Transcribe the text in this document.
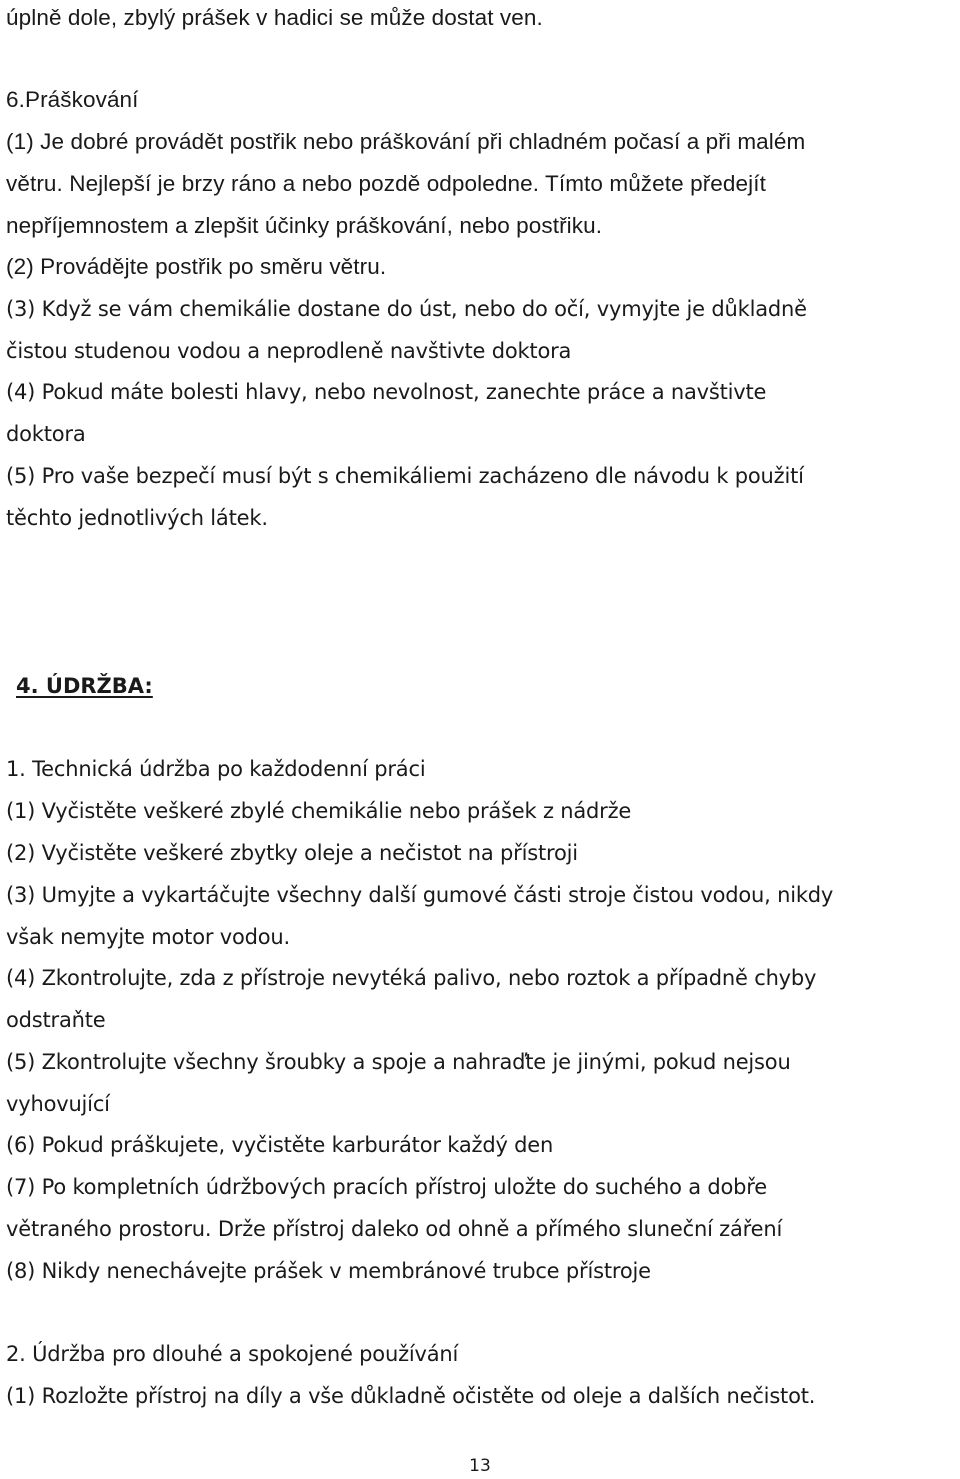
úplně dole, zbylý prášek v hadici se může dostat ven.
6.Práškování
(1) Je dobré provádět postřik nebo práškování při chladném počasí a při malém
větru. Nejlepší je brzy ráno a nebo pozdě odpoledne. Tímto můžete předejít
nepříjemnostem a zlepšit účinky práškování, nebo postřiku.
(2) Provádějte postřik po směru větru.
(3) Když se vám chemikálie dostane do úst, nebo do očí, vymyjte je důkladně
čistou studenou vodou a neprodleně navštivte doktora
(4) Pokud máte bolesti hlavy, nebo nevolnost, zanechte práce a navštivte
doktora
(5) Pro vaše bezpečí musí být s chemikáliemi zacházeno dle návodu k použití
těchto jednotlivých látek.
4. ÚDRŽBA:
1. Technická údržba po každodenní práci
(1) Vyčistěte veškeré zbylé chemikálie nebo prášek z nádrže
(2) Vyčistěte veškeré zbytky oleje a nečistot na přístroji
(3) Umyjte a vykartáčujte všechny další gumové části stroje čistou vodou, nikdy
však nemyjte motor vodou.
(4) Zkontrolujte, zda z přístroje nevytéká palivo, nebo roztok a případně chyby
odstraňte
(5) Zkontrolujte všechny šroubky a spoje a nahraďte je jinými, pokud nejsou
vyhovující
(6) Pokud práškujete, vyčistěte karburátor každý den
(7) Po kompletních údržbových pracích přístroj uložte do suchého a dobře
větraného prostoru. Drže přístroj daleko od ohně a přímého sluneční záření
(8) Nikdy nenechávejte prášek v membránové trubce přístroje
2. Údržba pro dlouhé a spokojené používání
(1) Rozložte přístroj na díly a vše důkladně očistěte od oleje a dalších nečistot.
13
